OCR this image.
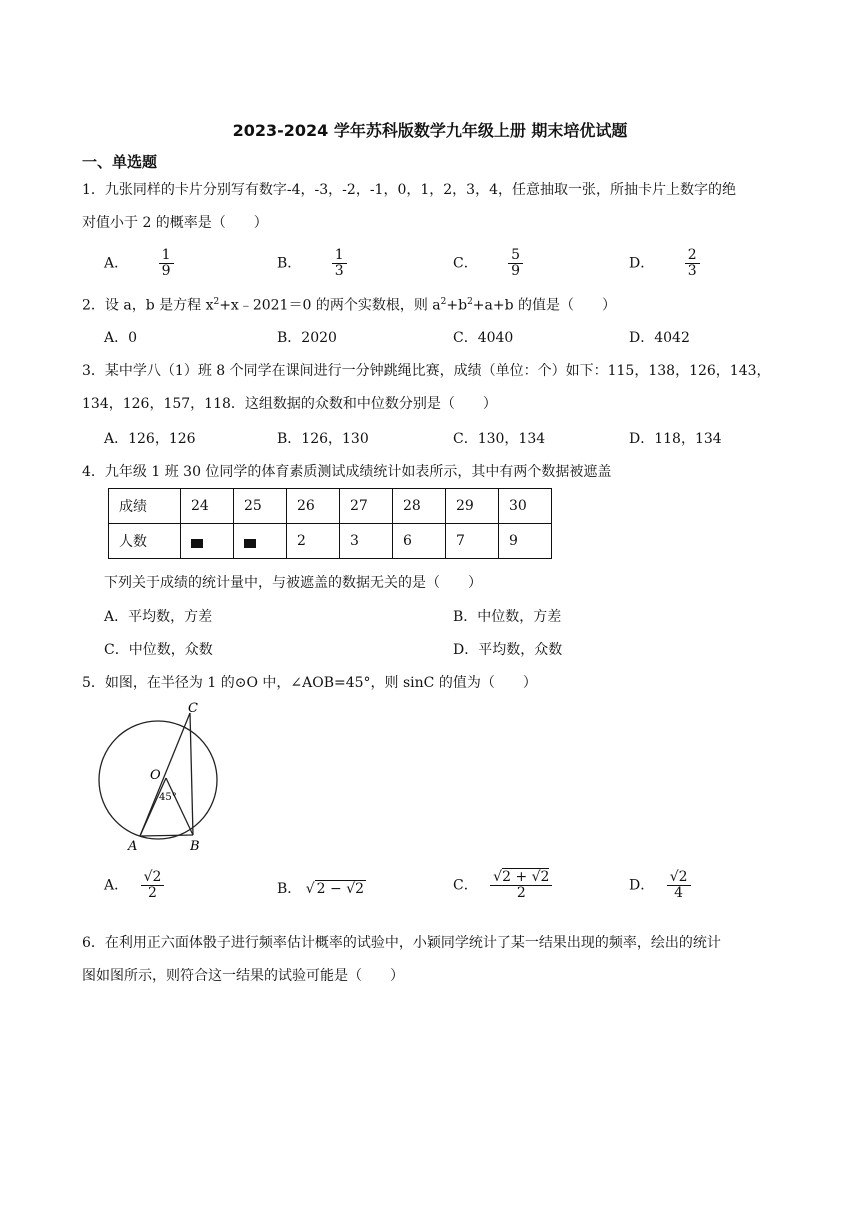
2023-2024 学年苏科版数学九年级上册 期末培优试题
一、单选题
1．九张同样的卡片分别写有数字-4，-3，-2，-1，0，1，2，3，4，任意抽取一张，所抽卡片上数字的绝
对值小于 2 的概率是（　　）
A． $\frac{1}{9}$	B． $\frac{1}{3}$	C． $\frac{5}{9}$	D． $\frac{2}{3}$
2．设 a，b 是方程 $x^2+x﹣2021=0$ 的两个实数根，则 $a^2+b^2+a+b$ 的值是（　　）
A．0	B．2020	C．4040	D．4042
3．某中学八（1）班 8 个同学在课间进行一分钟跳绳比赛，成绩（单位：个）如下：115，138，126，143，
134，126，157，118．这组数据的众数和中位数分别是（　　）
A．126，126	B．126，130	C．130，134	D．118，134
4．九年级 1 班 30 位同学的体育素质测试成绩统计如表所示，其中有两个数据被遮盖
成绩	24	25	26	27	28	29	30
人数			2	3	6	7	9
下列关于成绩的统计量中，与被遮盖的数据无关的是（　　）
A．平均数，方差	B．中位数，方差
C．中位数，众数	D．平均数，众数
5．如图，在半径为 1 的⊙O 中，∠AOB=45°，则 sinC 的值为（　　）
C
O
45°
A	B
A． $\frac{√2}{2}$	B． √ 2 − √2	C． $\frac{√2 + √2}{2}$	D． $\frac{√2}{4}$
6．在利用正六面体骰子进行频率估计概率的试验中，小颖同学统计了某一结果出现的频率，绘出的统计
图如图所示，则符合这一结果的试验可能是（　　）
